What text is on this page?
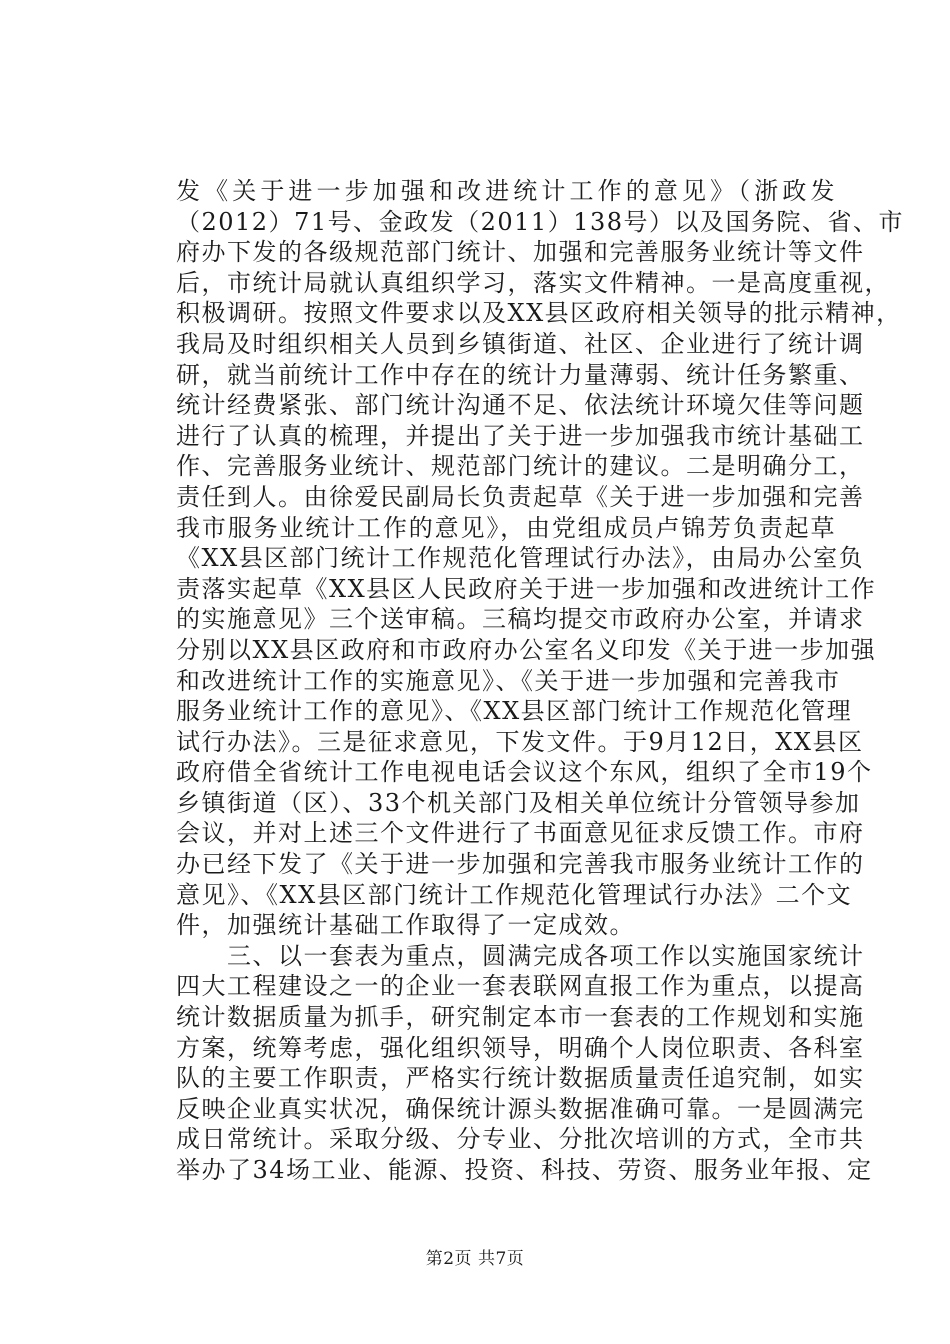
发《关于进一步加强和改进统计工作的意见》（浙政发
（2012）71号、金政发（2011）138号）以及国务院、省、市
府办下发的各级规范部门统计、加强和完善服务业统计等文件
后，市统计局就认真组织学习，落实文件精神。一是高度重视，
积极调研。按照文件要求以及XX县区政府相关领导的批示精神，
我局及时组织相关人员到乡镇街道、社区、企业进行了统计调
研，就当前统计工作中存在的统计力量薄弱、统计任务繁重、
统计经费紧张、部门统计沟通不足、依法统计环境欠佳等问题
进行了认真的梳理，并提出了关于进一步加强我市统计基础工
作、完善服务业统计、规范部门统计的建议。二是明确分工，
责任到人。由徐爱民副局长负责起草《关于进一步加强和完善
我市服务业统计工作的意见》，由党组成员卢锦芳负责起草
《XX县区部门统计工作规范化管理试行办法》，由局办公室负
责落实起草《XX县区人民政府关于进一步加强和改进统计工作
的实施意见》三个送审稿。三稿均提交市政府办公室，并请求
分别以XX县区政府和市政府办公室名义印发《关于进一步加强
和改进统计工作的实施意见》、《关于进一步加强和完善我市
服务业统计工作的意见》、《XX县区部门统计工作规范化管理
试行办法》。三是征求意见，下发文件。于9月12日，XX县区
政府借全省统计工作电视电话会议这个东风，组织了全市19个
乡镇街道（区）、33个机关部门及相关单位统计分管领导参加
会议，并对上述三个文件进行了书面意见征求反馈工作。市府
办已经下发了《关于进一步加强和完善我市服务业统计工作的
意见》、《XX县区部门统计工作规范化管理试行办法》二个文
件，加强统计基础工作取得了一定成效。
　　三、以一套表为重点，圆满完成各项工作以实施国家统计
四大工程建设之一的企业一套表联网直报工作为重点，以提高
统计数据质量为抓手，研究制定本市一套表的工作规划和实施
方案，统筹考虑，强化组织领导，明确个人岗位职责、各科室
队的主要工作职责，严格实行统计数据质量责任追究制，如实
反映企业真实状况，确保统计源头数据准确可靠。一是圆满完
成日常统计。采取分级、分专业、分批次培训的方式，全市共
举办了34场工业、能源、投资、科技、劳资、服务业年报、定
第2页 共7页
